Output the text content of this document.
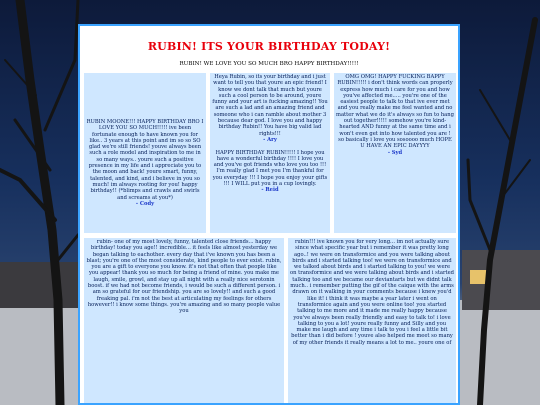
RUBIN! ITS YOUR BIRTHDAY TODAY!
RUBIN! WE LOVE YOU SO MUCH BRO HAPPY BIRTHDAY!!!!!
RUBIN MOONE!!! HAPPY BIRTHDAY BRO I LOVE YOU SO MUCH!!!!! ive been fortunate enough to have known you for like.. 3 years at this point and im so so SO glad we're still friends! youve always been such a role model and inspiration to me in so many ways.. youre such a positive presence in my life and i appreciate you to the moon and back! youre smart, funny, talented, and kind, and i believe in you so much! im always rooting for you! happy birthday!! (*blimps and crawls and swirls and screams at you*)
- Cody
Heya Rubin, so its your birthday and i just want to tell you that youre an epic friend! I know we dont talk that much but youre such a cool person to be around, youre funny and your art is fucking amazing!! You are such a lad and an amazing friend and someone who i can ramble about mother 3 because dear god. I love you and happy birthday Rubin!! You have big valid lad rights!!!
- Ary

HAPPY BIRTHDAY RUBIN!!!!! I hope you have a wonderful birthday !!!! I love you and you've got friends who love you too !!! I'm really glad I met you I'm thankful for you everyday !!! I hope you enjoy your gifts !!! I WILL put you in a cup lovingly.
- Reid
OMG OMG! HAPPY FUCKING BAPPY RUBIN!!!!! i don't think words can properly express how much i care for you and how you've affected me..... you're one of the easiest people to talk to that ive ever met and you really make me feel wanted and no matter what we do it's always so fun to hang out together!!!!! somehow you're kind-hearted AND funny at the same time and i won't even get into how talented you are ! so basically i love you sosoooo much HOPE U HAVE AN EPIC DAYYYY
- Syd
rubin- one of my most lovely, funny, talented close friends... happy birthday! today you age!! incredible... it feels like almost yesterday we began talking to eachother. every day that i've known you has been a blast; you're one of the most considerate, kind people to ever exist. rubin, you are a gift to everyone you know. it's not that often that people like you appear! thank you so much for being a friend of mine. you make me laugh, smile, growl, and stay up all night with a really nice serotonin boost. if we had not become friends, i would be such a different person. i am so grateful for our friendship. you are so lovely!! and such a good freaking pal. i'm not the best at articulating my feelings for others however!! i know some things. you're amazing and so many people value you
rubin!!! ive known you for very long... im not actually sure since what specific year but i remember it was pretty long ago..! we were on transformice and you were talking about birds and i started talking too! we were on transformice and we talked about birds and i started talking to you! we were on transformice and we were talking about birds and i started talking too and we became our deviantarts but we didnt talk much.. i remember putting the gif of the caique with the arms drawn on it walking in your comments because i knew you'd like it! i think it was maybe a year later i went on transformice again and you were online too! you started talking to me more and it made me really happy because you've always been really friendly and easy to talk to! i love talking to you a lot! youre really funny and Silly and you make me laugh and any time i talk to you i feel a little bit better than i did before ! youve also helped me meet so many of my other friends it really means a lot to me.. youre one of
